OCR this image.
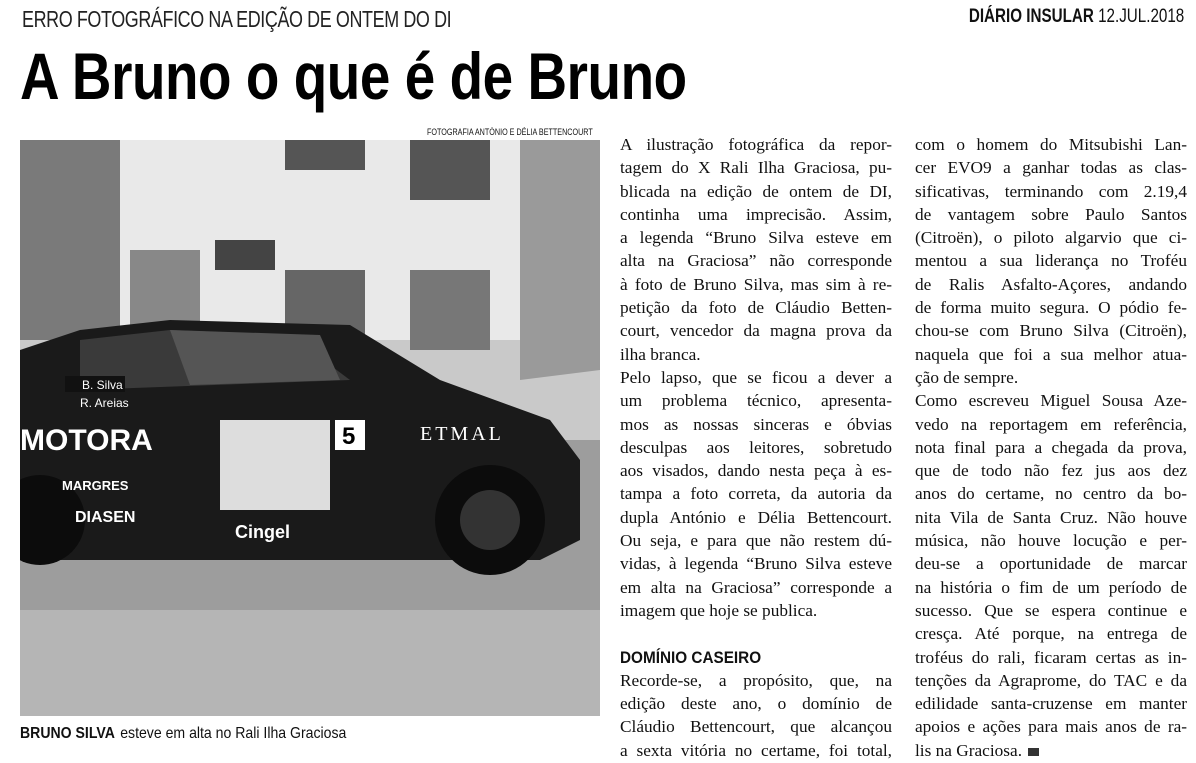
ERRO FOTOGRÁFICO NA EDIÇÃO DE ONTEM DO DI	DIÁRIO INSULAR 12.JUL.2018
A Bruno o que é de Bruno
FOTOGRAFIA ANTÓNIO E DÉLIA BETTENCOURT
B. Silva
R. Areias
MOTORA	ETMAL
5
MARGRES
DIASEN
Cingel
BRUNO SILVA esteve em alta no Rali Ilha Graciosa
A ilustração fotográfica da repor-
tagem do X Rali Ilha Graciosa, pu-
blicada na edição de ontem de DI,
continha uma imprecisão. Assim,
a legenda “Bruno Silva esteve em
alta na Graciosa” não corresponde
à foto de Bruno Silva, mas sim à re-
petição da foto de Cláudio Betten-
court, vencedor da magna prova da
ilha branca.
Pelo lapso, que se ficou a dever a
um problema técnico, apresenta-
mos as nossas sinceras e óbvias
desculpas aos leitores, sobretudo
aos visados, dando nesta peça à es-
tampa a foto correta, da autoria da
dupla António e Délia Bettencourt.
Ou seja, e para que não restem dú-
vidas, à legenda “Bruno Silva esteve
em alta na Graciosa” corresponde a
imagem que hoje se publica.
DOMÍNIO CASEIRO
Recorde-se, a propósito, que, na
edição deste ano, o domínio de
Cláudio Bettencourt, que alcançou
a sexta vitória no certame, foi total,
com o homem do Mitsubishi Lan-
cer EVO9 a ganhar todas as clas-
sificativas, terminando com 2.19,4
de vantagem sobre Paulo Santos
(Citroën), o piloto algarvio que ci-
mentou a sua liderança no Troféu
de Ralis Asfalto-Açores, andando
de forma muito segura. O pódio fe-
chou-se com Bruno Silva (Citroën),
naquela que foi a sua melhor atua-
ção de sempre.
Como escreveu Miguel Sousa Aze-
vedo na reportagem em referência,
nota final para a chegada da prova,
que de todo não fez jus aos dez
anos do certame, no centro da bo-
nita Vila de Santa Cruz. Não houve
música, não houve locução e per-
deu-se a oportunidade de marcar
na história o fim de um período de
sucesso. Que se espera continue e
cresça. Até porque, na entrega de
troféus do rali, ficaram certas as in-
tenções da Agraprome, do TAC e da
edilidade santa-cruzense em manter
apoios e ações para mais anos de ra-
lis na Graciosa.
